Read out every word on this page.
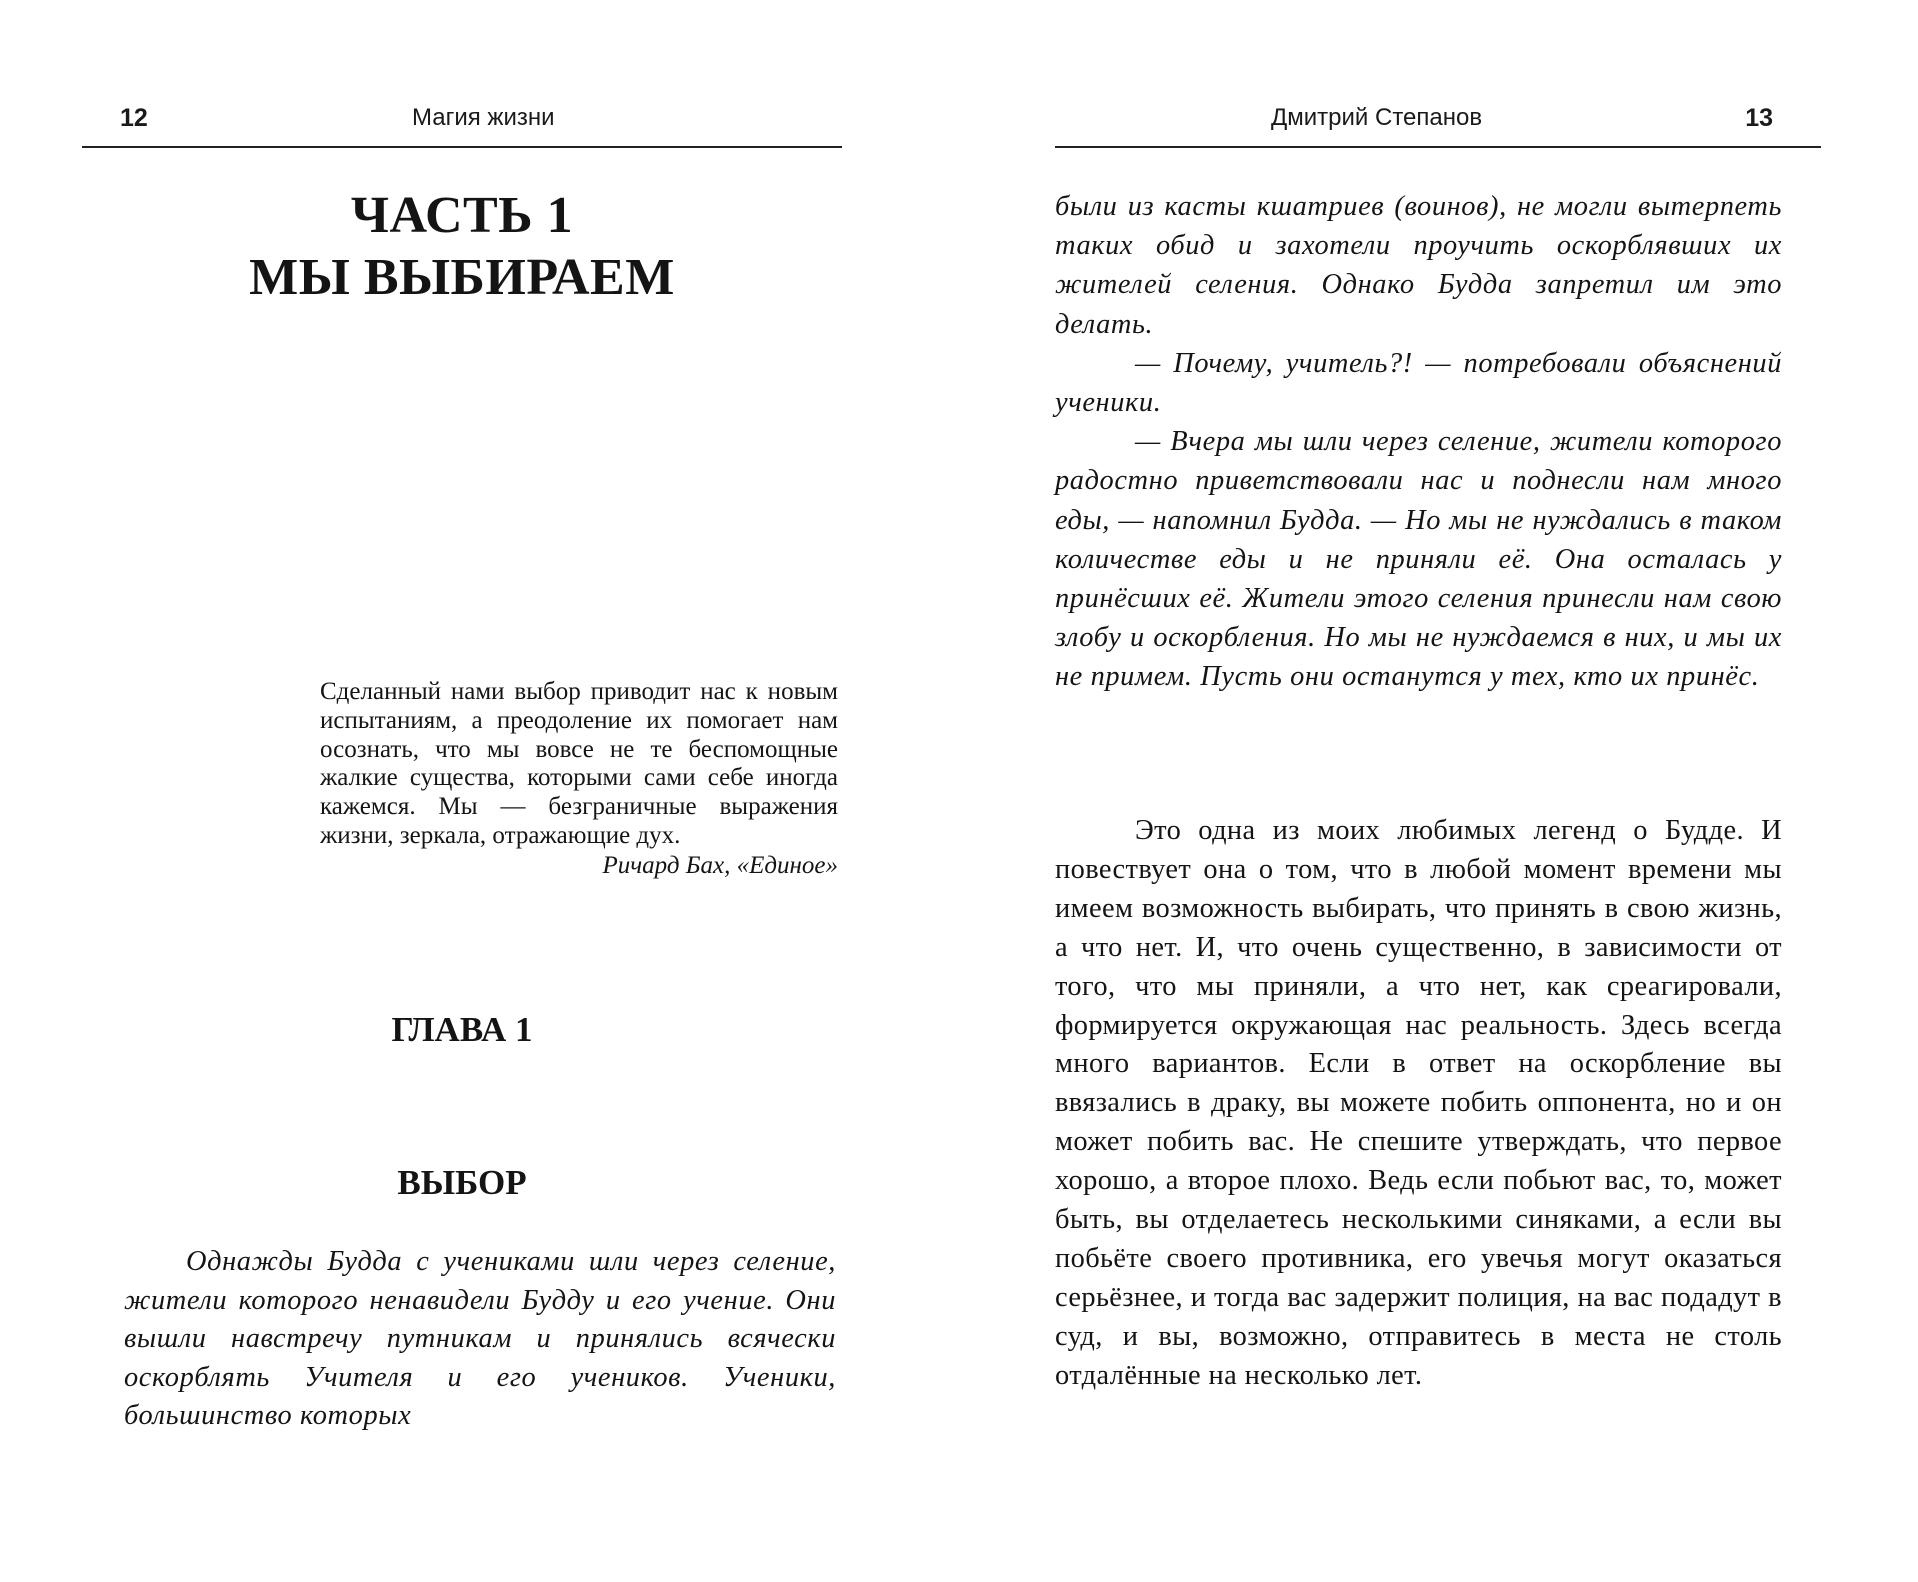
12	Магия жизни
ЧАСТЬ 1
МЫ ВЫБИРАЕМ

Сделанный нами выбор приводит нас к новым испытаниям, а преодоление их помогает нам осознать, что мы вовсе не те беспомощные жалкие существа, которыми сами себе иногда кажемся. Мы — безграничные выражения жизни, зеркала, отражающие дух.

Ричард Бах, «Единое»

ГЛАВА 1
ВЫБОР

Однажды Будда с учениками шли через селение, жители которого ненавидели Будду и его учение. Они вышли навстречу путникам и принялись всячески оскорблять Учителя и его учеников. Ученики, большинство которых

Дмитрий Степанов	13

были из касты кшатриев (воинов), не могли вытерпеть таких обид и захотели проучить оскорблявших их жителей селения. Однако Будда запретил им это делать.

— Почему, учитель?! — потребовали объяснений ученики.

— Вчера мы шли через селение, жители которого радостно приветствовали нас и поднесли нам много еды, — напомнил Будда. — Но мы не нуждались в таком количестве еды и не приняли её. Она осталась у принёсших её. Жители этого селения принесли нам свою злобу и оскорбления. Но мы не нуждаемся в них, и мы их не примем. Пусть они останутся у тех, кто их принёс.

Это одна из моих любимых легенд о Будде. И повествует она о том, что в любой момент времени мы имеем возможность выбирать, что принять в свою жизнь, а что нет. И, что очень существенно, в зависимости от того, что мы приняли, а что нет, как среагировали, формируется окружающая нас реальность. Здесь всегда много вариантов. Если в ответ на оскорбление вы ввязались в драку, вы можете побить оппонента, но и он может побить вас. Не спешите утверждать, что первое хорошо, а второе плохо. Ведь если побьют вас, то, может быть, вы отделаетесь несколькими синяками, а если вы побьёте своего противника, его увечья могут оказаться серьёзнее, и тогда вас задержит полиция, на вас подадут в суд, и вы, возможно, отправитесь в места не столь отдалённые на несколько лет.
